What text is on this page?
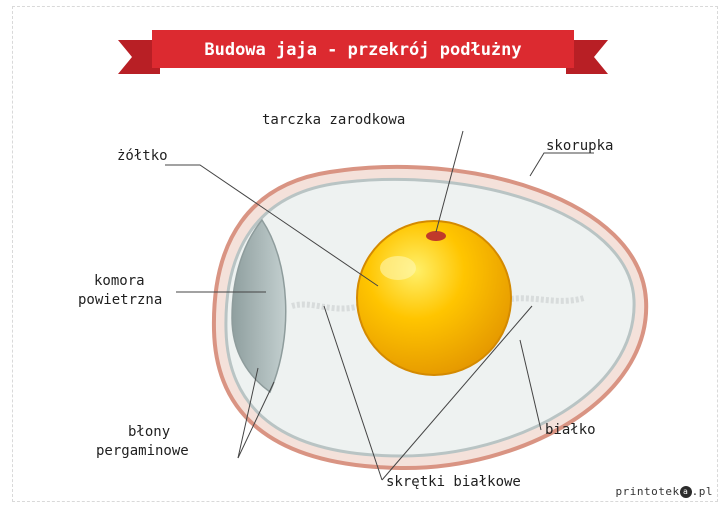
Budowa jaja - przekrój podłużny
tarczka zarodkowa
żółtko
skorupka
komora
powietrzna
błony
pergaminowe
białko
skrętki białkowe
printotek a .pl
